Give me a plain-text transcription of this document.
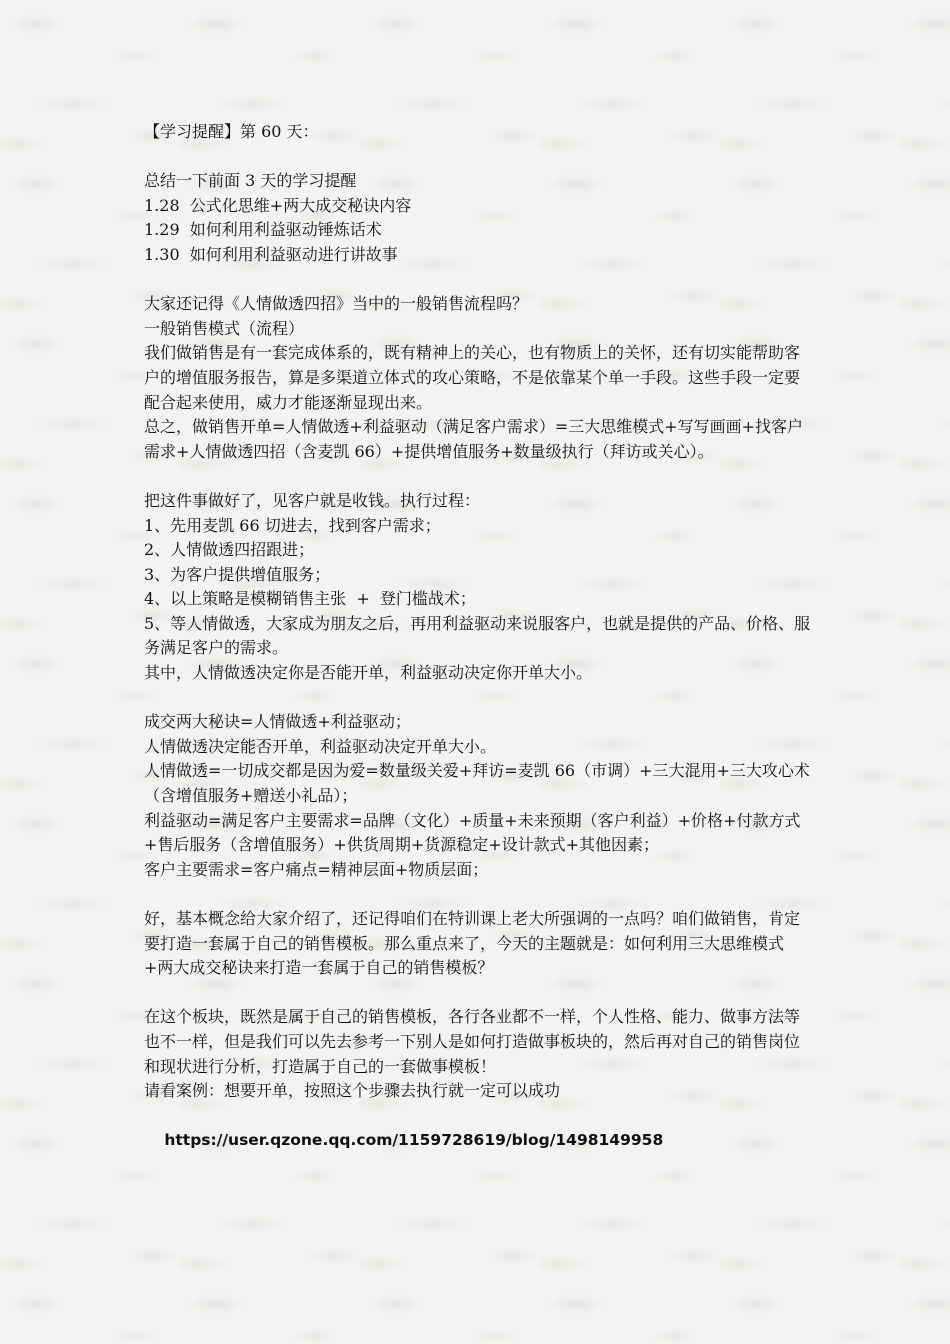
【学习提醒】第 60 天：

总结一下前面 3 天的学习提醒

1.28  公式化思维+两大成交秘诀内容

1.29  如何利用利益驱动锤炼话术

1.30  如何利用利益驱动进行讲故事

大家还记得《人情做透四招》当中的一般销售流程吗？

一般销售模式（流程）

我们做销售是有一套完成体系的，既有精神上的关心，也有物质上的关怀，还有切实能帮助客户的增值服务报告，算是多渠道立体式的攻心策略，不是依靠某个单一手段。这些手段一定要配合起来使用，威力才能逐渐显现出来。

总之，做销售开单=人情做透+利益驱动（满足客户需求）=三大思维模式+写写画画+找客户需求+人情做透四招（含麦凯 66）+提供增值服务+数量级执行（拜访或关心）。

把这件事做好了，见客户就是收钱。执行过程：

1、先用麦凯 66 切进去，找到客户需求；

2、人情做透四招跟进；

3、为客户提供增值服务；

4、以上策略是模糊销售主张  +  登门槛战术；

5、等人情做透，大家成为朋友之后，再用利益驱动来说服客户，也就是提供的产品、价格、服务满足客户的需求。

其中，人情做透决定你是否能开单，利益驱动决定你开单大小。

成交两大秘诀=人情做透+利益驱动；

人情做透决定能否开单，利益驱动决定开单大小。

人情做透=一切成交都是因为爱=数量级关爱+拜访=麦凯 66（市调）+三大混用+三大攻心术（含增值服务+赠送小礼品）；

利益驱动=满足客户主要需求=品牌（文化）+质量+未来预期（客户利益）+价格+付款方式+售后服务（含增值服务）+供货周期+货源稳定+设计款式+其他因素；

客户主要需求=客户痛点=精神层面+物质层面；

好，基本概念给大家介绍了，还记得咱们在特训课上老大所强调的一点吗？咱们做销售，肯定要打造一套属于自己的销售模板。那么重点来了，今天的主题就是：如何利用三大思维模式+两大成交秘诀来打造一套属于自己的销售模板？

在这个板块，既然是属于自己的销售模板，各行各业都不一样，个人性格、能力、做事方法等也不一样，但是我们可以先去参考一下别人是如何打造做事板块的，然后再对自己的销售岗位和现状进行分析，打造属于自己的一套做事模板！

请看案例：想要开单，按照这个步骤去执行就一定可以成功

https://user.qzone.qq.com/1159728619/blog/1498149958
